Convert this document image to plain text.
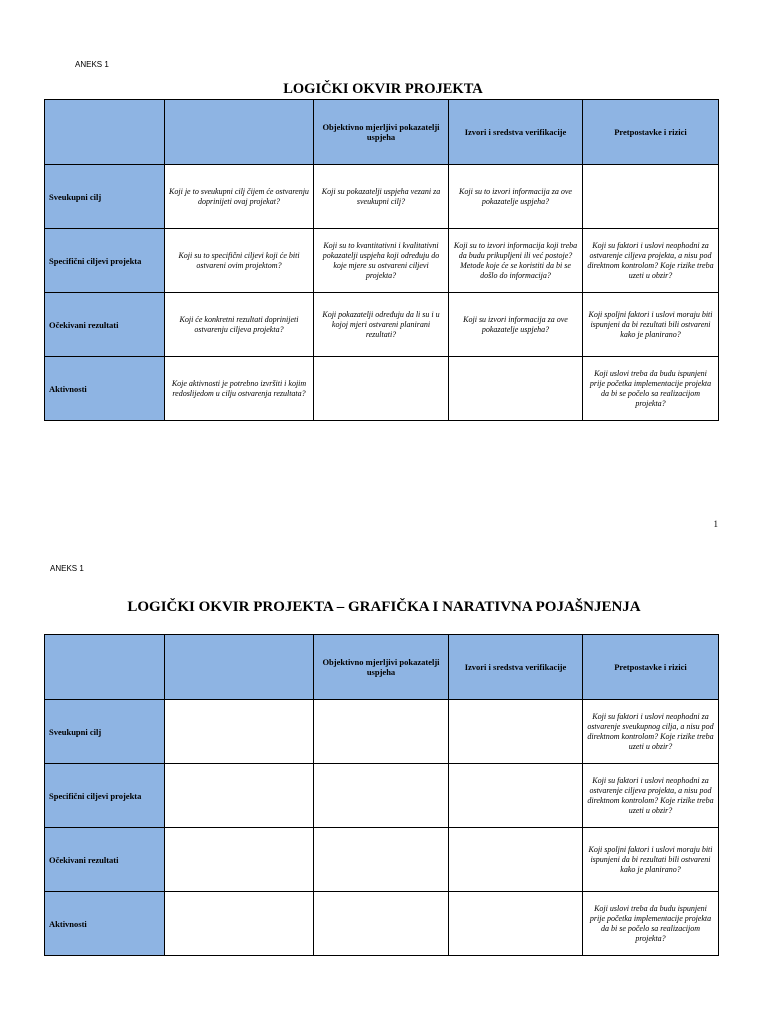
ANEKS 1
LOGIČKI OKVIR PROJEKTA
		Objektivno mjerljivi pokazatelji uspjeha	Izvori i sredstva verifikacije	Pretpostavke i rizici
Sveukupni cilj	Koji je to sveukupni cilj čijem će ostvarenju doprinijeti ovaj projekat?	Koji su pokazatelji uspjeha vezani za sveukupni cilj?	Koji su to izvori informacija za ove pokazatelje uspjeha?	
Specifični ciljevi projekta	Koji su to specifični ciljevi koji će biti ostvareni ovim projektom?	Koji su to kvantitativni i kvalitativni pokazatelji uspjeha koji određuju do koje mjere su ostvareni ciljevi projekta?	Koji su to izvori informacija koji treba da budu prikupljeni ili već postoje? Metode koje će se koristiti da bi se došlo do informacija?	Koji su faktori i uslovi neophodni za ostvarenje ciljeva projekta, a nisu pod direktnom kontrolom? Koje rizike treba uzeti u obzir?
Očekivani rezultati	Koji će konkretni rezultati doprinijeti ostvarenju ciljeva projekta?	Koji pokazatelji određuju da li su i u kojoj mjeri ostvareni planirani rezultati?	Koji su izvori informacija za ove pokazatelje uspjeha?	Koji spoljni faktori i uslovi moraju biti ispunjeni da bi rezultati bili ostvareni kako je planirano?
Aktivnosti	Koje aktivnosti je potrebno izvršiti i kojim redoslijedom u cilju ostvarenja rezultata?			Koji uslovi treba da budu ispunjeni prije početka implementacije projekta da bi se počelo sa realizacijom projekta?
1
ANEKS 1
LOGIČKI OKVIR PROJEKTA – GRAFIČKA I NARATIVNA POJAŠNJENJA
		Objektivno mjerljivi pokazatelji uspjeha	Izvori i sredstva verifikacije	Pretpostavke i rizici
Sveukupni cilj				Koji su faktori i uslovi neophodni za ostvarenje sveukupnog cilja, a nisu pod direktnom kontrolom? Koje rizike treba uzeti u obzir?
Specifični ciljevi projekta				Koji su faktori i uslovi neophodni za ostvarenje ciljeva projekta, a nisu pod direktnom kontrolom? Koje rizike treba uzeti u obzir?
Očekivani rezultati				Koji spoljni faktori i uslovi moraju biti ispunjeni da bi rezultati bili ostvareni kako je planirano?
Aktivnosti				Koji uslovi treba da budu ispunjeni prije početka implementacije projekta da bi se počelo sa realizacijom projekta?
